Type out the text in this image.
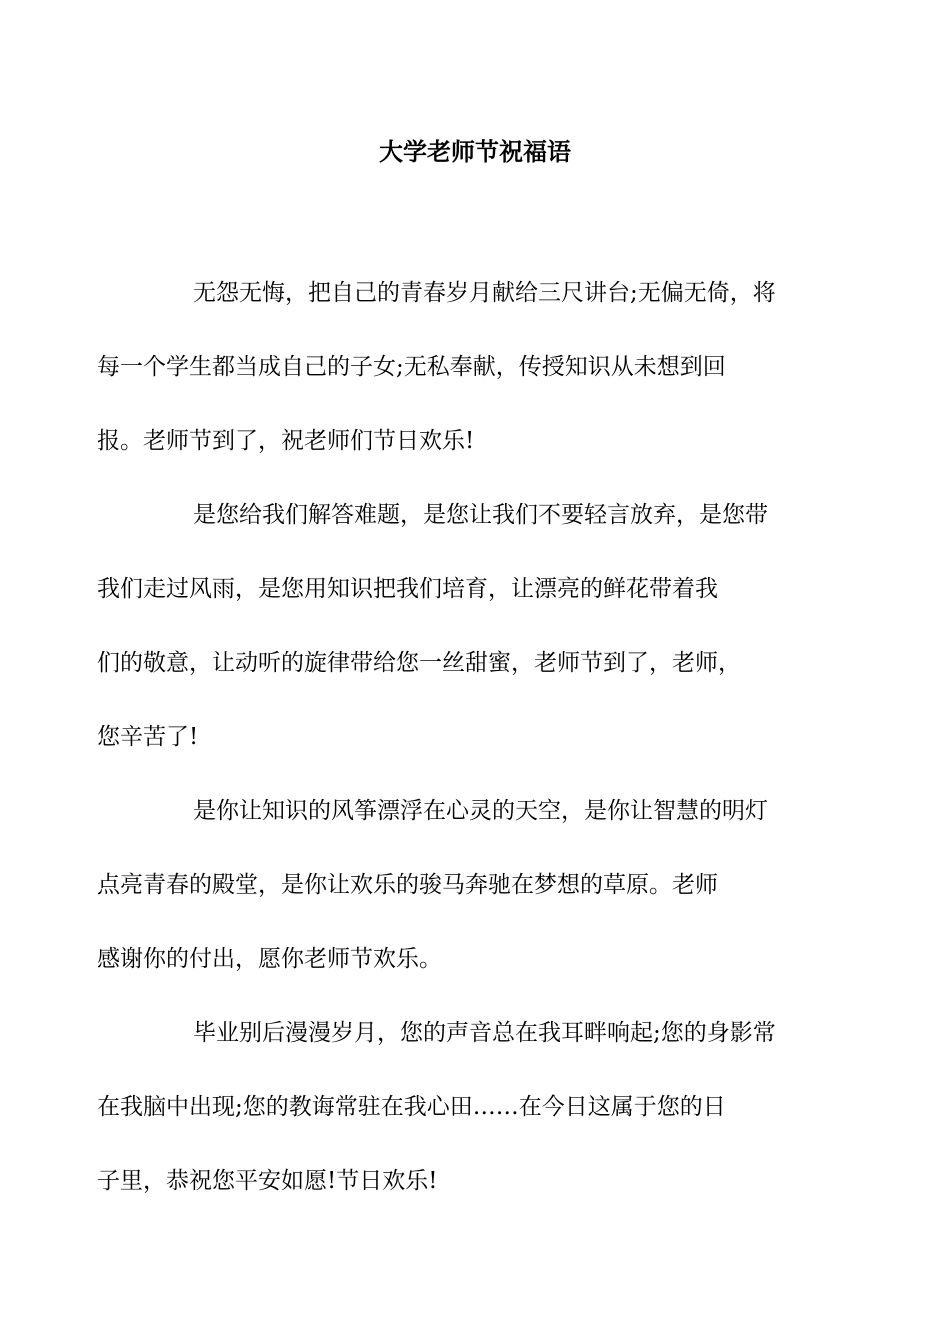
大学老师节祝福语

无怨无悔，把自己的青春岁月献给三尺讲台;无偏无倚，将
每一个学生都当成自己的子女;无私奉献，传授知识从未想到回
报。老师节到了，祝老师们节日欢乐!

是您给我们解答难题，是您让我们不要轻言放弃，是您带
我们走过风雨，是您用知识把我们培育，让漂亮的鲜花带着我
们的敬意，让动听的旋律带给您一丝甜蜜，老师节到了，老师，
您辛苦了!

是你让知识的风筝漂浮在心灵的天空，是你让智慧的明灯
点亮青春的殿堂，是你让欢乐的骏马奔驰在梦想的草原。老师
感谢你的付出，愿你老师节欢乐。

毕业别后漫漫岁月，您的声音总在我耳畔响起;您的身影常
在我脑中出现;您的教诲常驻在我心田……在今日这属于您的日
子里，恭祝您平安如愿!节日欢乐!
